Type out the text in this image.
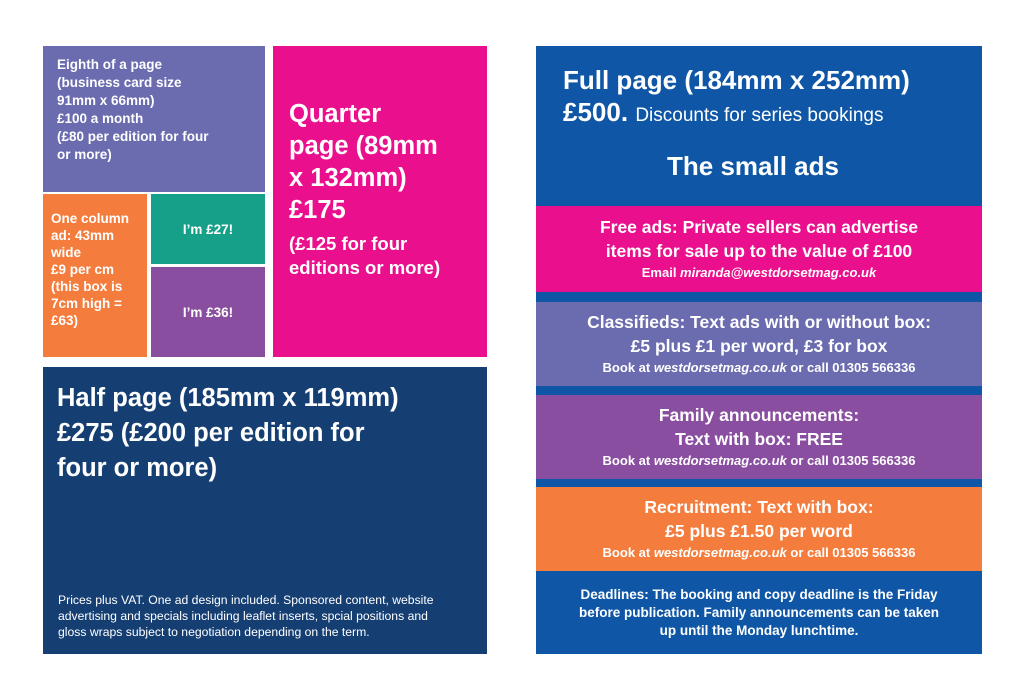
Eighth of a page
(business card size
91mm x 66mm)
£100 a month
(£80 per edition for four
or more)
One column
ad: 43mm
wide
£9 per cm
(this box is
7cm high =
£63)
I’m £27!
I’m £36!
Quarter
page (89mm
x 132mm)
£175
(£125 for four
editions or more)
Half page (185mm x 119mm)
£275 (£200 per edition for
four or more)
Prices plus VAT. One ad design included. Sponsored content, website
advertising and specials including leaflet inserts, spcial positions and
gloss wraps subject to negotiation depending on the term.
Full page (184mm x 252mm)
£500. Discounts for series bookings
The small ads
Free ads: Private sellers can advertise
items for sale up to the value of £100
Email miranda@westdorsetmag.co.uk
Classifieds: Text ads with or without box:
£5 plus £1 per word, £3 for box
Book at westdorsetmag.co.uk or call 01305 566336
Family announcements:
Text with box: FREE
Book at westdorsetmag.co.uk or call 01305 566336
Recruitment: Text with box:
£5 plus £1.50 per word
Book at westdorsetmag.co.uk or call 01305 566336
Deadlines: The booking and copy deadline is the Friday
before publication. Family announcements can be taken
up until the Monday lunchtime.
